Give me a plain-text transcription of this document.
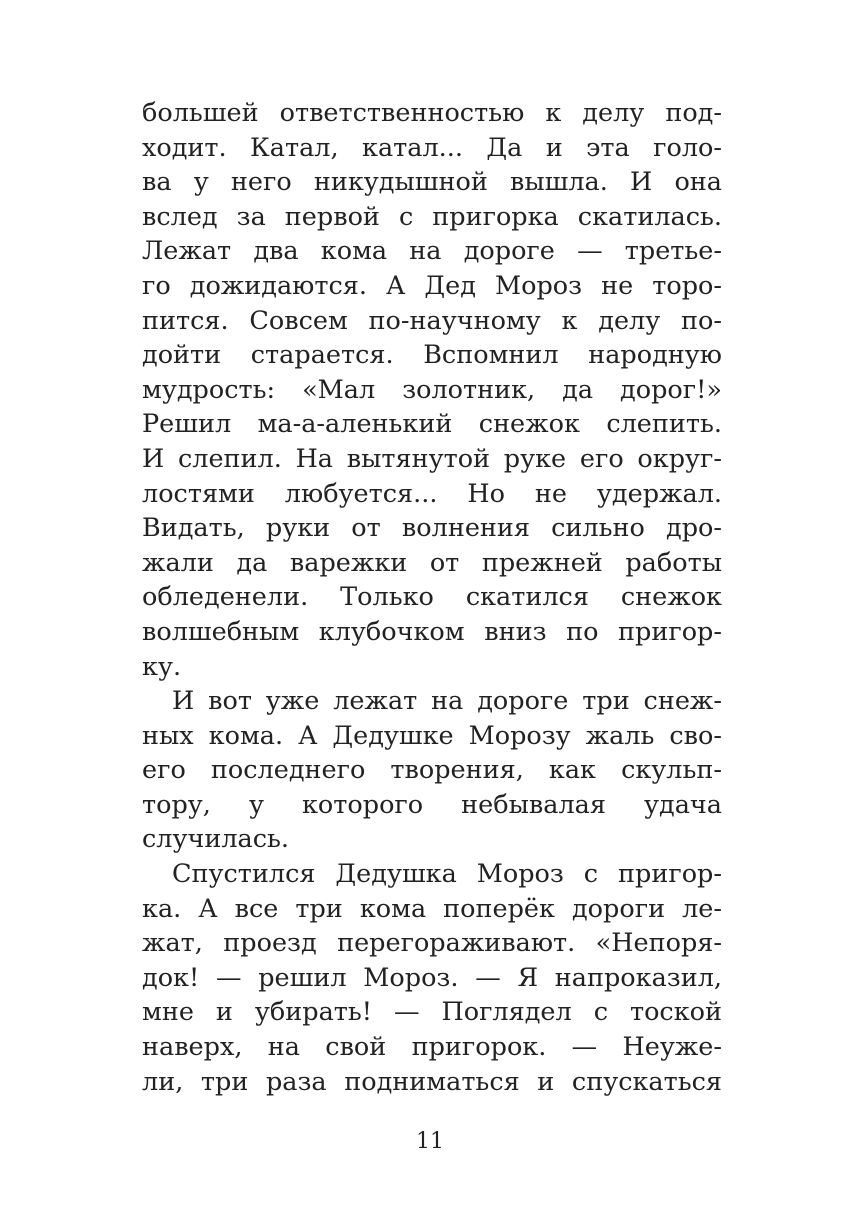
большей ответственностью к делу под-
ходит. Катал, катал... Да и эта голо-
ва у него никудышной вышла. И она
вслед за первой с пригорка скатилась.
Лежат два кома на дороге — третье-
го дожидаются. А Дед Мороз не торо-
пится. Совсем по-научному к делу по-
дойти старается. Вспомнил народную
мудрость: «Мал золотник, да дорог!»
Решил ма-а-аленький снежок слепить.
И слепил. На вытянутой руке его округ-
лостями любуется... Но не удержал.
Видать, руки от волнения сильно дро-
жали да варежки от прежней работы
обледенели. Только скатился снежок
волшебным клубочком вниз по пригор-
ку.
И вот уже лежат на дороге три снеж-
ных кома. А Дедушке Морозу жаль сво-
его последнего творения, как скульп-
тору, у которого небывалая удача
случилась.
Спустился Дедушка Мороз с пригор-
ка. А все три кома поперёк дороги ле-
жат, проезд перегораживают. «Непоря-
док! — решил Мороз. — Я напроказил,
мне и убирать! — Поглядел с тоской
наверх, на свой пригорок. — Неуже-
ли, три раза подниматься и спускаться
11
